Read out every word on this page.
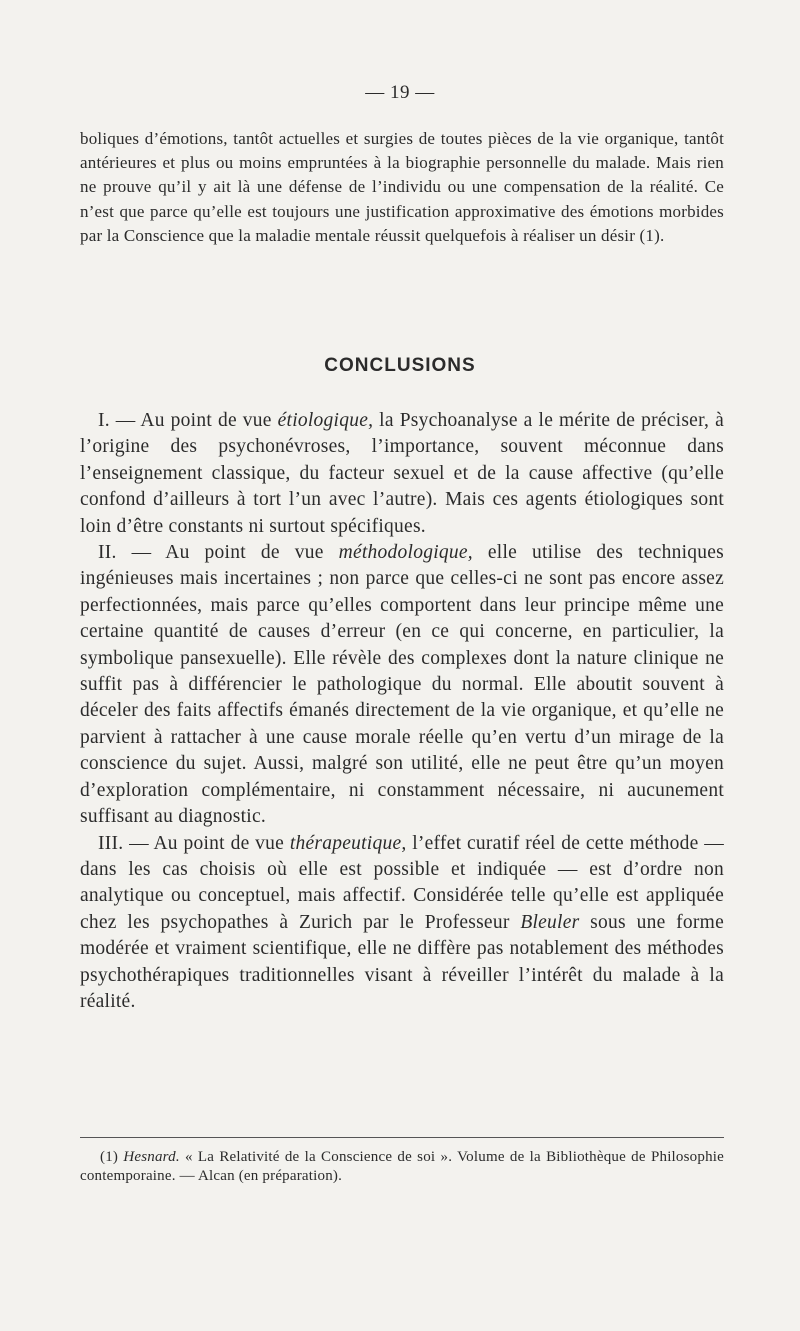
— 19 —
boliques d’émotions, tantôt actuelles et surgies de toutes pièces de la vie organique, tantôt antérieures et plus ou moins empruntées à la biographie personnelle du malade. Mais rien ne prouve qu’il y ait là une défense de l’individu ou une compensation de la réalité. Ce n’est que parce qu’elle est toujours une justification approximative des émotions morbides par la Conscience que la maladie mentale réussit quelquefois à réaliser un désir (1).
CONCLUSIONS

I. — Au point de vue étiologique, la Psychoanalyse a le mérite de préciser, à l’origine des psychonévroses, l’importance, souvent méconnue dans l’enseignement classique, du facteur sexuel et de la cause affective (qu’elle confond d’ailleurs à tort l’un avec l’autre). Mais ces agents étiologiques sont loin d’être constants ni surtout spécifiques.

II. — Au point de vue méthodologique, elle utilise des techniques ingénieuses mais incertaines ; non parce que celles-ci ne sont pas encore assez perfectionnées, mais parce qu’elles comportent dans leur principe même une certaine quantité de causes d’erreur (en ce qui concerne, en particulier, la symbolique pansexuelle). Elle révèle des complexes dont la nature clinique ne suffit pas à différencier le pathologique du normal. Elle aboutit souvent à déceler des faits affectifs émanés directement de la vie organique, et qu’elle ne parvient à rattacher à une cause morale réelle qu’en vertu d’un mirage de la conscience du sujet. Aussi, malgré son utilité, elle ne peut être qu’un moyen d’exploration complémentaire, ni constamment nécessaire, ni aucunement suffisant au diagnostic.

III. — Au point de vue thérapeutique, l’effet curatif réel de cette méthode — dans les cas choisis où elle est possible et indiquée — est d’ordre non analytique ou conceptuel, mais affectif. Considérée telle qu’elle est appliquée chez les psychopathes à Zurich par le Professeur Bleuler sous une forme modérée et vraiment scientifique, elle ne diffère pas notablement des méthodes psychothérapiques traditionnelles visant à réveiller l’intérêt du malade à la réalité.

(1) Hesnard. « La Relativité de la Conscience de soi ». Volume de la Bibliothèque de Philosophie contemporaine. — Alcan (en préparation).
